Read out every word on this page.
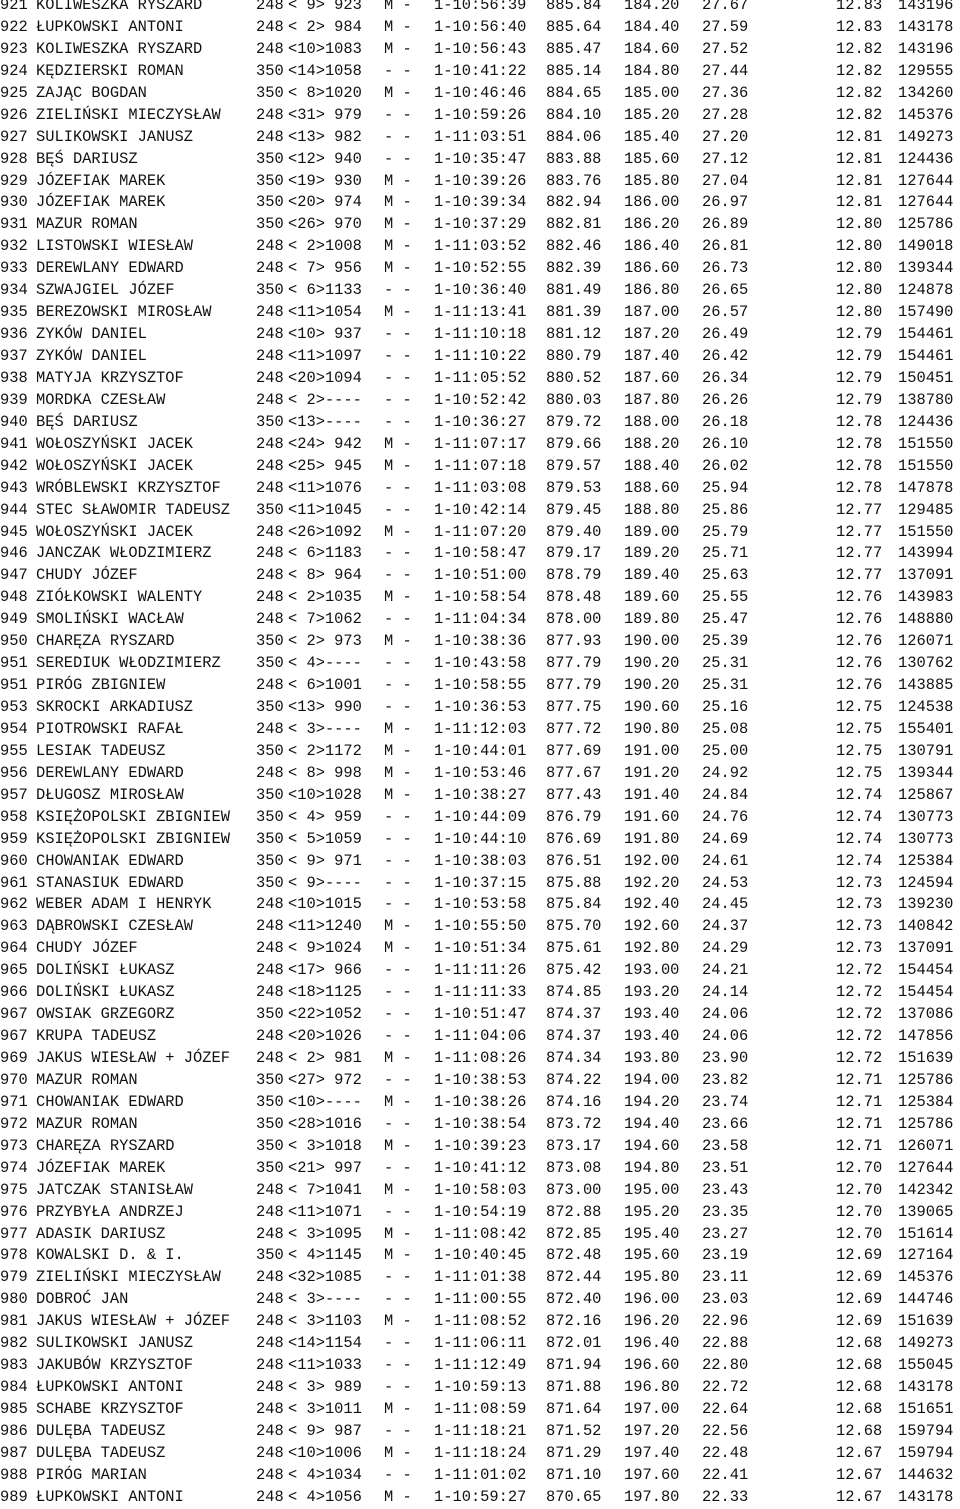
921 KOLIWESZKA RYSZARD	248 < 9> 923 M - 1-10:56:39 885.84 184.20 27.67	12.83 143196
922 ŁUPKOWSKI ANTONI	248 < 2> 984 M - 1-10:56:40 885.64 184.40 27.59	12.83 143178
923 KOLIWESZKA RYSZARD	248 <10>1083 M - 1-10:56:43 885.47 184.60 27.52	12.82 143196
924 KĘDZIERSKI ROMAN	350 <14>1058 - - 1-10:41:22 885.14 184.80 27.44	12.82 129555
925 ZAJĄC BOGDAN	350 < 8>1020 M - 1-10:46:46 884.65 185.00 27.36	12.82 134260
926 ZIELIŃSKI MIECZYSŁAW 248 <31> 979 - - 1-10:59:26 884.10 185.20 27.28	12.82 145376
927 SULIKOWSKI JANUSZ	248 <13> 982 - - 1-11:03:51 884.06 185.40 27.20	12.81 149273
928 BĘŚ DARIUSZ	350 <12> 940 - - 1-10:35:47 883.88 185.60 27.12	12.81 124436
929 JÓZEFIAK MAREK	350 <19> 930 M - 1-10:39:26 883.76 185.80 27.04	12.81 127644
930 JÓZEFIAK MAREK	350 <20> 974 M - 1-10:39:34 882.94 186.00 26.97	12.81 127644
931 MAZUR ROMAN	350 <26> 970 M - 1-10:37:29 882.81 186.20 26.89	12.80 125786
932 LISTOWSKI WIESŁAW	248 < 2>1008 M - 1-11:03:52 882.46 186.40 26.81	12.80 149018
933 DEREWLANY EDWARD	248 < 7> 956 M - 1-10:52:55 882.39 186.60 26.73	12.80 139344
934 SZWAJGIEL JÓZEF	350 < 6>1133 - - 1-10:36:40 881.49 186.80 26.65	12.80 124878
935 BEREZOWSKI MIROSŁAW	248 <11>1054 M - 1-11:13:41 881.39 187.00 26.57	12.80 157490
936 ZYKÓW DANIEL	248 <10> 937 - - 1-11:10:18 881.12 187.20 26.49	12.79 154461
937 ZYKÓW DANIEL	248 <11>1097 - - 1-11:10:22 880.79 187.40 26.42	12.79 154461
938 MATYJA KRZYSZTOF	248 <20>1094 - - 1-11:05:52 880.52 187.60 26.34	12.79 150451
939 MORDKA CZESŁAW	248 < 2>---- - - 1-10:52:42 880.03 187.80 26.26	12.79 138780
940 BĘŚ DARIUSZ	350 <13>---- - - 1-10:36:27 879.72 188.00 26.18	12.78 124436
941 WOŁOSZYŃSKI JACEK	248 <24> 942 M - 1-11:07:17 879.66 188.20 26.10	12.78 151550
942 WOŁOSZYŃSKI JACEK	248 <25> 945 M - 1-11:07:18 879.57 188.40 26.02	12.78 151550
943 WRÓBLEWSKI KRZYSZTOF 248 <11>1076 - - 1-11:03:08 879.53 188.60 25.94	12.78 147878
944 STEC SŁAWOMIR TADEUSZ 350 <11>1045 - - 1-10:42:14 879.45 188.80 25.86	12.77 129485
945 WOŁOSZYŃSKI JACEK	248 <26>1092 M - 1-11:07:20 879.40 189.00 25.79	12.77 151550
946 JANCZAK WŁODZIMIERZ	248 < 6>1183 - - 1-10:58:47 879.17 189.20 25.71	12.77 143994
947 CHUDY JÓZEF	248 < 8> 964 - - 1-10:51:00 878.79 189.40 25.63	12.77 137091
948 ZIÓŁKOWSKI WALENTY	248 < 2>1035 M - 1-10:58:54 878.48 189.60 25.55	12.76 143983
949 SMOLIŃSKI WACŁAW	248 < 7>1062 - - 1-11:04:34 878.00 189.80 25.47	12.76 148880
950 CHARĘZA RYSZARD	350 < 2> 973 M - 1-10:38:36 877.93 190.00 25.39	12.76 126071
951 SEREDIUK WŁODZIMIERZ 350 < 4>---- - - 1-10:43:58 877.79 190.20 25.31	12.76 130762
951 PIRÓG ZBIGNIEW	248 < 6>1001 - - 1-10:58:55 877.79 190.20 25.31	12.76 143885
953 SKROCKI ARKADIUSZ	350 <13> 990 - - 1-10:36:53 877.75 190.60 25.16	12.75 124538
954 PIOTROWSKI RAFAŁ	248 < 3>---- M - 1-11:12:03 877.72 190.80 25.08	12.75 155401
955 LESIAK TADEUSZ	350 < 2>1172 M - 1-10:44:01 877.69 191.00 25.00	12.75 130791
956 DEREWLANY EDWARD	248 < 8> 998 M - 1-10:53:46 877.67 191.20 24.92	12.75 139344
957 DŁUGOSZ MIROSŁAW	350 <10>1028 M - 1-10:38:27 877.43 191.40 24.84	12.74 125867
958 KSIĘŻOPOLSKI ZBIGNIEW 350 < 4> 959 - - 1-10:44:09 876.79 191.60 24.76	12.74 130773
959 KSIĘŻOPOLSKI ZBIGNIEW 350 < 5>1059 - - 1-10:44:10 876.69 191.80 24.69	12.74 130773
960 CHOWANIAK EDWARD	350 < 9> 971 - - 1-10:38:03 876.51 192.00 24.61	12.74 125384
961 STANASIUK EDWARD	350 < 9>---- - - 1-10:37:15 875.88 192.20 24.53	12.73 124594
962 WEBER ADAM I HENRYK	248 <10>1015 - - 1-10:53:58 875.84 192.40 24.45	12.73 139230
963 DĄBROWSKI CZESŁAW	248 <11>1240 M - 1-10:55:50 875.70 192.60 24.37	12.73 140842
964 CHUDY JÓZEF	248 < 9>1024 M - 1-10:51:34 875.61 192.80 24.29	12.73 137091
965 DOLIŃSKI ŁUKASZ	248 <17> 966 - - 1-11:11:26 875.42 193.00 24.21	12.72 154454
966 DOLIŃSKI ŁUKASZ	248 <18>1125 - - 1-11:11:33 874.85 193.20 24.14	12.72 154454
967 OWSIAK GRZEGORZ	350 <22>1052 - - 1-10:51:47 874.37 193.40 24.06	12.72 137086
967 KRUPA TADEUSZ	248 <20>1026 - - 1-11:04:06 874.37 193.40 24.06	12.72 147856
969 JAKUS WIESŁAW + JÓZEF 248 < 2> 981 M - 1-11:08:26 874.34 193.80 23.90	12.72 151639
970 MAZUR ROMAN	350 <27> 972 - - 1-10:38:53 874.22 194.00 23.82	12.71 125786
971 CHOWANIAK EDWARD	350 <10>---- M - 1-10:38:26 874.16 194.20 23.74	12.71 125384
972 MAZUR ROMAN	350 <28>1016 - - 1-10:38:54 873.72 194.40 23.66	12.71 125786
973 CHARĘZA RYSZARD	350 < 3>1018 M - 1-10:39:23 873.17 194.60 23.58	12.71 126071
974 JÓZEFIAK MAREK	350 <21> 997 - - 1-10:41:12 873.08 194.80 23.51	12.70 127644
975 JATCZAK STANISŁAW	248 < 7>1041 M - 1-10:58:03 873.00 195.00 23.43	12.70 142342
976 PRZYBYŁA ANDRZEJ	248 <11>1071 - - 1-10:54:19 872.88 195.20 23.35	12.70 139065
977 ADASIK DARIUSZ	248 < 3>1095 M - 1-11:08:42 872.85 195.40 23.27	12.70 151614
978 KOWALSKI D. & I.	350 < 4>1145 M - 1-10:40:45 872.48 195.60 23.19	12.69 127164
979 ZIELIŃSKI MIECZYSŁAW 248 <32>1085 - - 1-11:01:38 872.44 195.80 23.11	12.69 145376
980 DOBROĆ JAN	248 < 3>---- - - 1-11:00:55 872.40 196.00 23.03	12.69 144746
981 JAKUS WIESŁAW + JÓZEF 248 < 3>1103 M - 1-11:08:52 872.16 196.20 22.96	12.69 151639
982 SULIKOWSKI JANUSZ	248 <14>1154 - - 1-11:06:11 872.01 196.40 22.88	12.68 149273
983 JAKUBÓW KRZYSZTOF	248 <11>1033 - - 1-11:12:49 871.94 196.60 22.80	12.68 155045
984 ŁUPKOWSKI ANTONI	248 < 3> 989 - - 1-10:59:13 871.88 196.80 22.72	12.68 143178
985 SCHABE KRZYSZTOF	248 < 3>1011 M - 1-11:08:59 871.64 197.00 22.64	12.68 151651
986 DULĘBA TADEUSZ	248 < 9> 987 - - 1-11:18:21 871.52 197.20 22.56	12.68 159794
987 DULĘBA TADEUSZ	248 <10>1006 M - 1-11:18:24 871.29 197.40 22.48	12.67 159794
988 PIRÓG MARIAN	248 < 4>1034 - - 1-11:01:02 871.10 197.60 22.41	12.67 144632
989 ŁUPKOWSKI ANTONI	248 < 4>1056 M - 1-10:59:27 870.65 197.80 22.33	12.67 143178
